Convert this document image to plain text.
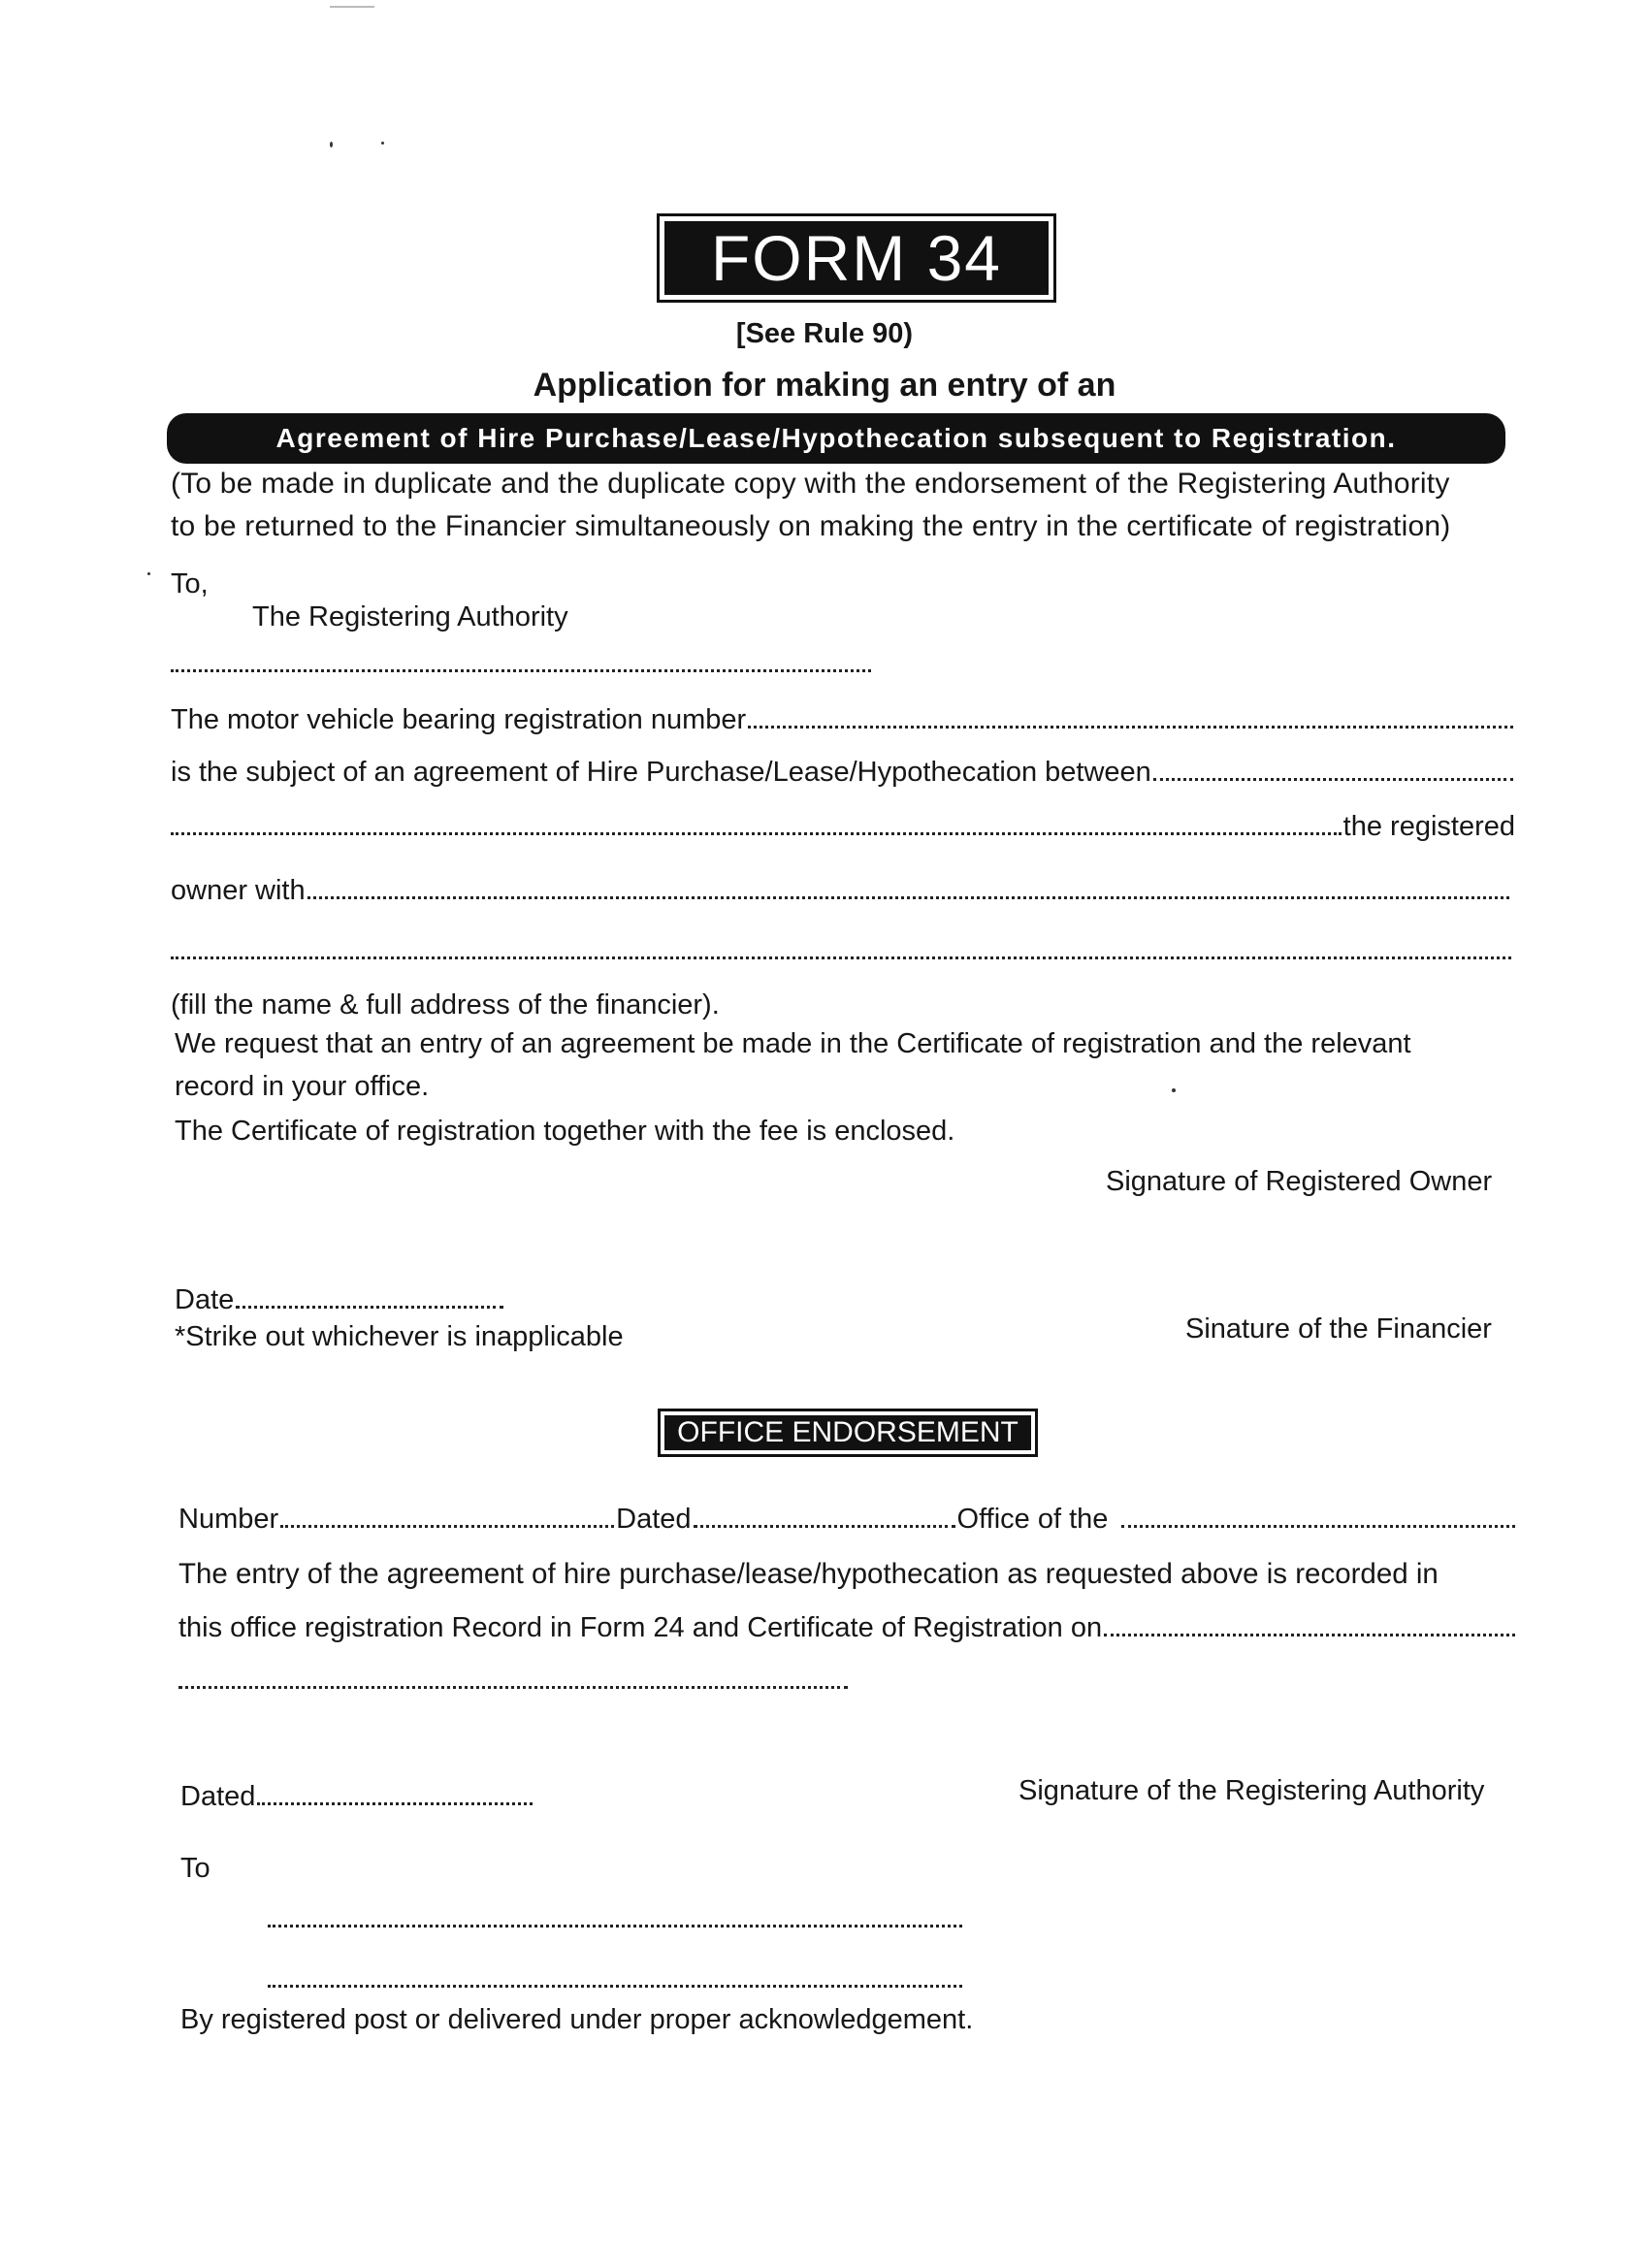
FORM 34
[See Rule 90)
Application for making an entry of an
Agreement of Hire Purchase/Lease/Hypothecation subsequent to Registration.
(To be made in duplicate and the duplicate copy with the endorsement of the Registering Authority
to be returned to the Financier simultaneously on making the entry in the certificate of registration)
To,
The Registering Authority
The motor vehicle bearing registration number
is the subject of an agreement of Hire Purchase/Lease/Hypothecation between
the registered
owner with
(fill the name & full address of the financier).
We request that an entry of an agreement be made in the Certificate of registration and the relevant
record in your office.
The Certificate of registration together with the fee is enclosed.
Signature of Registered Owner
Date
*Strike out whichever is inapplicable	Sinature of the Financier
OFFICE ENDORSEMENT
Number	Dated	Office of the
The entry of the agreement of hire purchase/lease/hypothecation as requested above is recorded in
this office registration Record in Form 24 and Certificate of Registration on
Dated	Signature of the Registering Authority
To
By registered post or delivered under proper acknowledgement.
